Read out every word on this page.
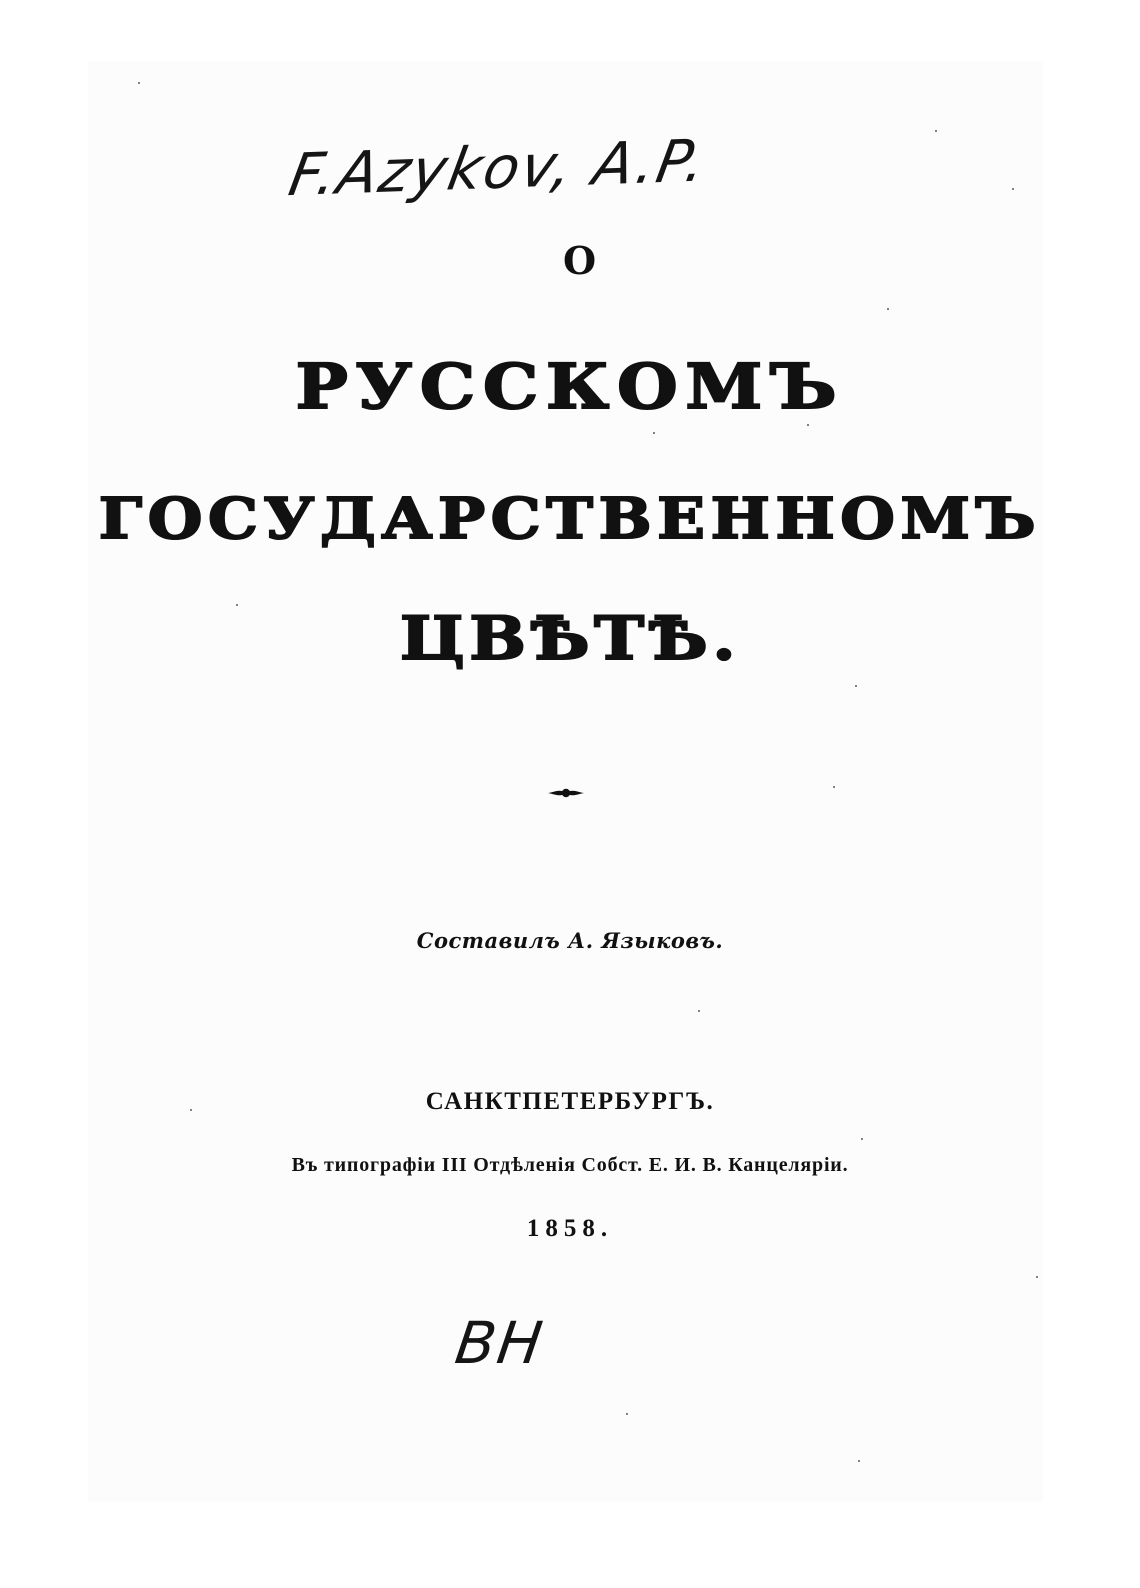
F.Azykov, A.P.
О
РУССКОМЪ
ГОСУДАРСТВЕННОМЪ
ЦВѢТѢ.
Составилъ А. Языковъ.
САНКТПЕТЕРБУРГЪ.
Въ типографіи III Отдѣленія Собст. Е. И. В. Канцеляріи.
1858.
BH
